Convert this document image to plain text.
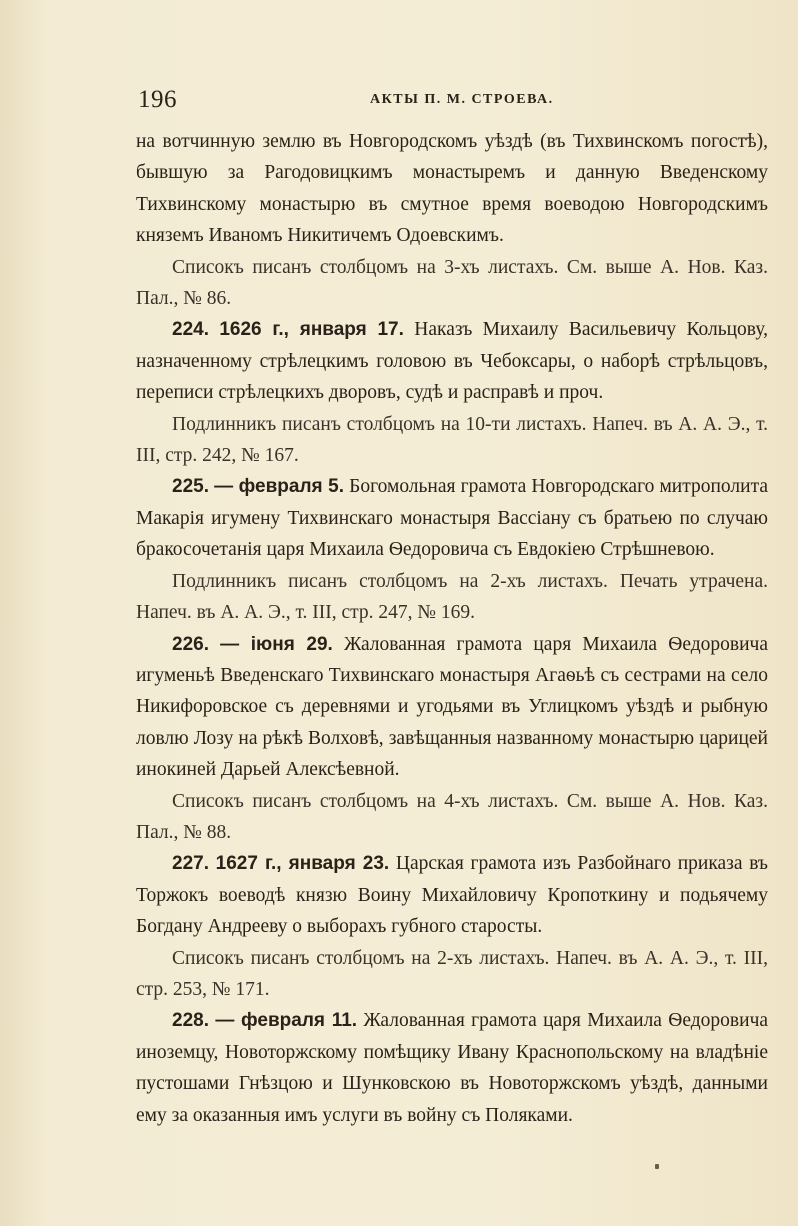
196	АКТЫ П. М. СТРОЕВА.

на вотчинную землю въ Новгородскомъ уѣздѣ (въ Тихвинскомъ погостѣ), бывшую за Рагодовицкимъ монастыремъ и данную Введенскому Тихвинскому монастырю въ смутное время воеводою Новгородскимъ княземъ Иваномъ Никитичемъ Одоевскимъ.

Списокъ писанъ столбцомъ на 3-хъ листахъ. См. выше А. Нов. Каз. Пал., № 86.

224. 1626 г., января 17. Наказъ Михаилу Васильевичу Кольцову, назначенному стрѣлецкимъ головою въ Чебоксары, о наборѣ стрѣльцовъ, переписи стрѣлецкихъ дворовъ, судѣ и расправѣ и проч.

Подлинникъ писанъ столбцомъ на 10-ти листахъ. Напеч. въ А. А. Э., т. III, стр. 242, № 167.

225. — февраля 5. Богомольная грамота Новгородскаго митрополита Макарія игумену Тихвинскаго монастыря Вассіану съ братьею по случаю бракосочетанія царя Михаила Ѳедоровича съ Евдокіею Стрѣшневою.

Подлинникъ писанъ столбцомъ на 2-хъ листахъ. Печать утрачена. Напеч. въ А. А. Э., т. III, стр. 247, № 169.

226. — іюня 29. Жалованная грамота царя Михаила Ѳедоровича игуменьѣ Введенскаго Тихвинскаго монастыря Агаѳьѣ съ сестрами на село Никифоровское съ деревнями и угодьями въ Углицкомъ уѣздѣ и рыбную ловлю Лозу на рѣкѣ Волховѣ, завѣщанныя названному монастырю царицей инокиней Дарьей Алексѣевной.

Списокъ писанъ столбцомъ на 4-хъ листахъ. См. выше А. Нов. Каз. Пал., № 88.

227. 1627 г., января 23. Царская грамота изъ Разбойнаго приказа въ Торжокъ воеводѣ князю Воину Михайловичу Кропоткину и подьячему Богдану Андрееву о выборахъ губного старосты.

Списокъ писанъ столбцомъ на 2-хъ листахъ. Напеч. въ А. А. Э., т. III, стр. 253, № 171.

228. — февраля 11. Жалованная грамота царя Михаила Ѳедоровича иноземцу, Новоторжскому помѣщику Ивану Краснопольскому на владѣніе пустошами Гнѣзцою и Шунковскою въ Новоторжскомъ уѣздѣ, данными ему за оказанныя имъ услуги въ войну съ Поляками.
